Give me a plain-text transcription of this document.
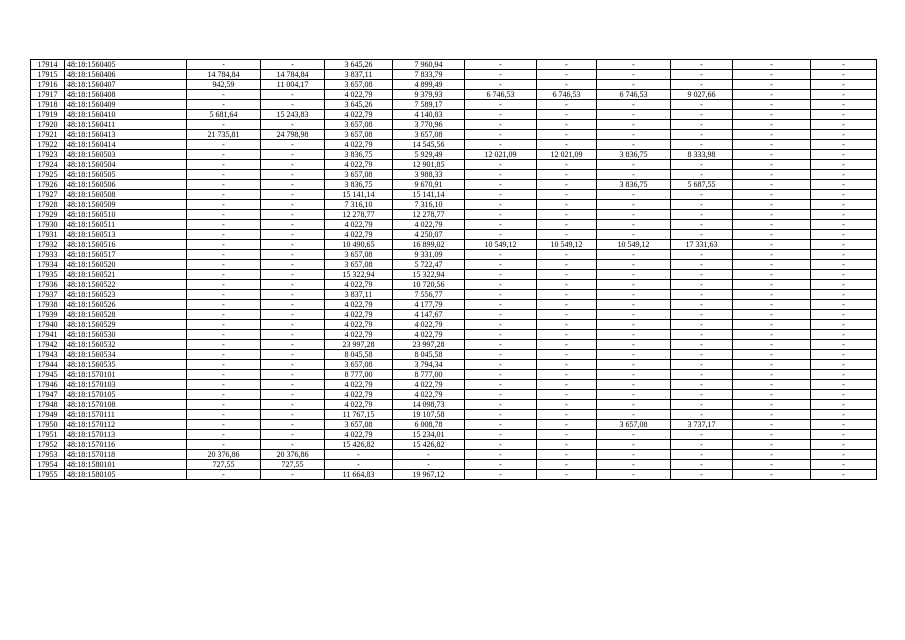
17914	48:18:1560405	-	-	3 645,26	7 960,94	-	-	-	-	-	-
17915	48:18:1560406	14 784,84	14 784,84	3 837,11	7 833,79	-	-	-	-	-	-
17916	48:18:1560407	942,59	11 004,17	3 657,08	4 899,49	-	-	-	-	-	-
17917	48:18:1560408	-	-	4 022,79	9 379,93	6 746,53	6 746,53	6 746,53	9 027,66	-	-
17918	48:18:1560409	-	-	3 645,26	7 589,17	-	-	-	-	-	-
17919	48:18:1560410	5 681,64	15 243,83	4 022,79	4 140,83	-	-	-	-	-	-
17920	48:18:1560411	-	-	3 657,08	3 770,96	-	-	-	-	-	-
17921	48:18:1560413	21 735,81	24 798,98	3 657,08	3 657,08	-	-	-	-	-	-
17922	48:18:1560414	-	-	4 022,79	14 545,56	-	-	-	-	-	-
17923	48:18:1560503	-	-	3 836,75	5 929,49	12 021,09	12 021,09	3 836,75	8 333,98	-	-
17924	48:18:1560504	-	-	4 022,79	12 901,85	-	-	-	-	-	-
17925	48:18:1560505	-	-	3 657,08	3 988,33	-	-	-	-	-	-
17926	48:18:1560506	-	-	3 836,75	9 670,91	-	-	3 836,75	5 687,55	-	-
17927	48:18:1560508	-	-	15 141,14	15 141,14	-	-	-	-	-	-
17928	48:18:1560509	-	-	7 316,10	7 316,10	-	-	-	-	-	-
17929	48:18:1560510	-	-	12 278,77	12 278,77	-	-	-	-	-	-
17930	48:18:1560511	-	-	4 022,79	4 022,79	-	-	-	-	-	-
17931	48:18:1560513	-	-	4 022,79	4 250,07	-	-	-	-	-	-
17932	48:18:1560516	-	-	10 490,65	16 899,02	10 549,12	10 549,12	10 549,12	17 331,63	-	-
17933	48:18:1560517	-	-	3 657,08	9 331,09	-	-	-	-	-	-
17934	48:18:1560520	-	-	3 657,08	5 722,47	-	-	-	-	-	-
17935	48:18:1560521	-	-	15 322,94	15 322,94	-	-	-	-	-	-
17936	48:18:1560522	-	-	4 022,79	10 720,56	-	-	-	-	-	-
17937	48:18:1560523	-	-	3 837,11	7 556,77	-	-	-	-	-	-
17938	48:18:1560526	-	-	4 022,79	4 177,79	-	-	-	-	-	-
17939	48:18:1560528	-	-	4 022,79	4 147,67	-	-	-	-	-	-
17940	48:18:1560529	-	-	4 022,79	4 022,79	-	-	-	-	-	-
17941	48:18:1560530	-	-	4 022,79	4 022,79	-	-	-	-	-	-
17942	48:18:1560532	-	-	23 997,28	23 997,28	-	-	-	-	-	-
17943	48:18:1560534	-	-	8 045,58	8 045,58	-	-	-	-	-	-
17944	48:18:1560535	-	-	3 657,08	3 794,34	-	-	-	-	-	-
17945	48:18:1570101	-	-	8 777,00	8 777,00	-	-	-	-	-	-
17946	48:18:1570103	-	-	4 022,79	4 022,79	-	-	-	-	-	-
17947	48:18:1570105	-	-	4 022,79	4 022,79	-	-	-	-	-	-
17948	48:18:1570108	-	-	4 022,79	14 098,73	-	-	-	-	-	-
17949	48:18:1570111	-	-	11 767,15	19 107,58	-	-	-	-	-	-
17950	48:18:1570112	-	-	3 657,08	6 008,78	-	-	3 657,08	3 737,17	-	-
17951	48:18:1570113	-	-	4 022,79	15 234,01	-	-	-	-	-	-
17952	48:18:1570116	-	-	15 426,82	15 426,82	-	-	-	-	-	-
17953	48:18:1570118	20 376,86	20 376,86	-	-	-	-	-	-	-	-
17954	48:18:1580101	727,55	727,55	-	-	-	-	-	-	-	-
17955	48:18:1580105	-	-	11 664,83	19 967,12	-	-	-	-	-	-
